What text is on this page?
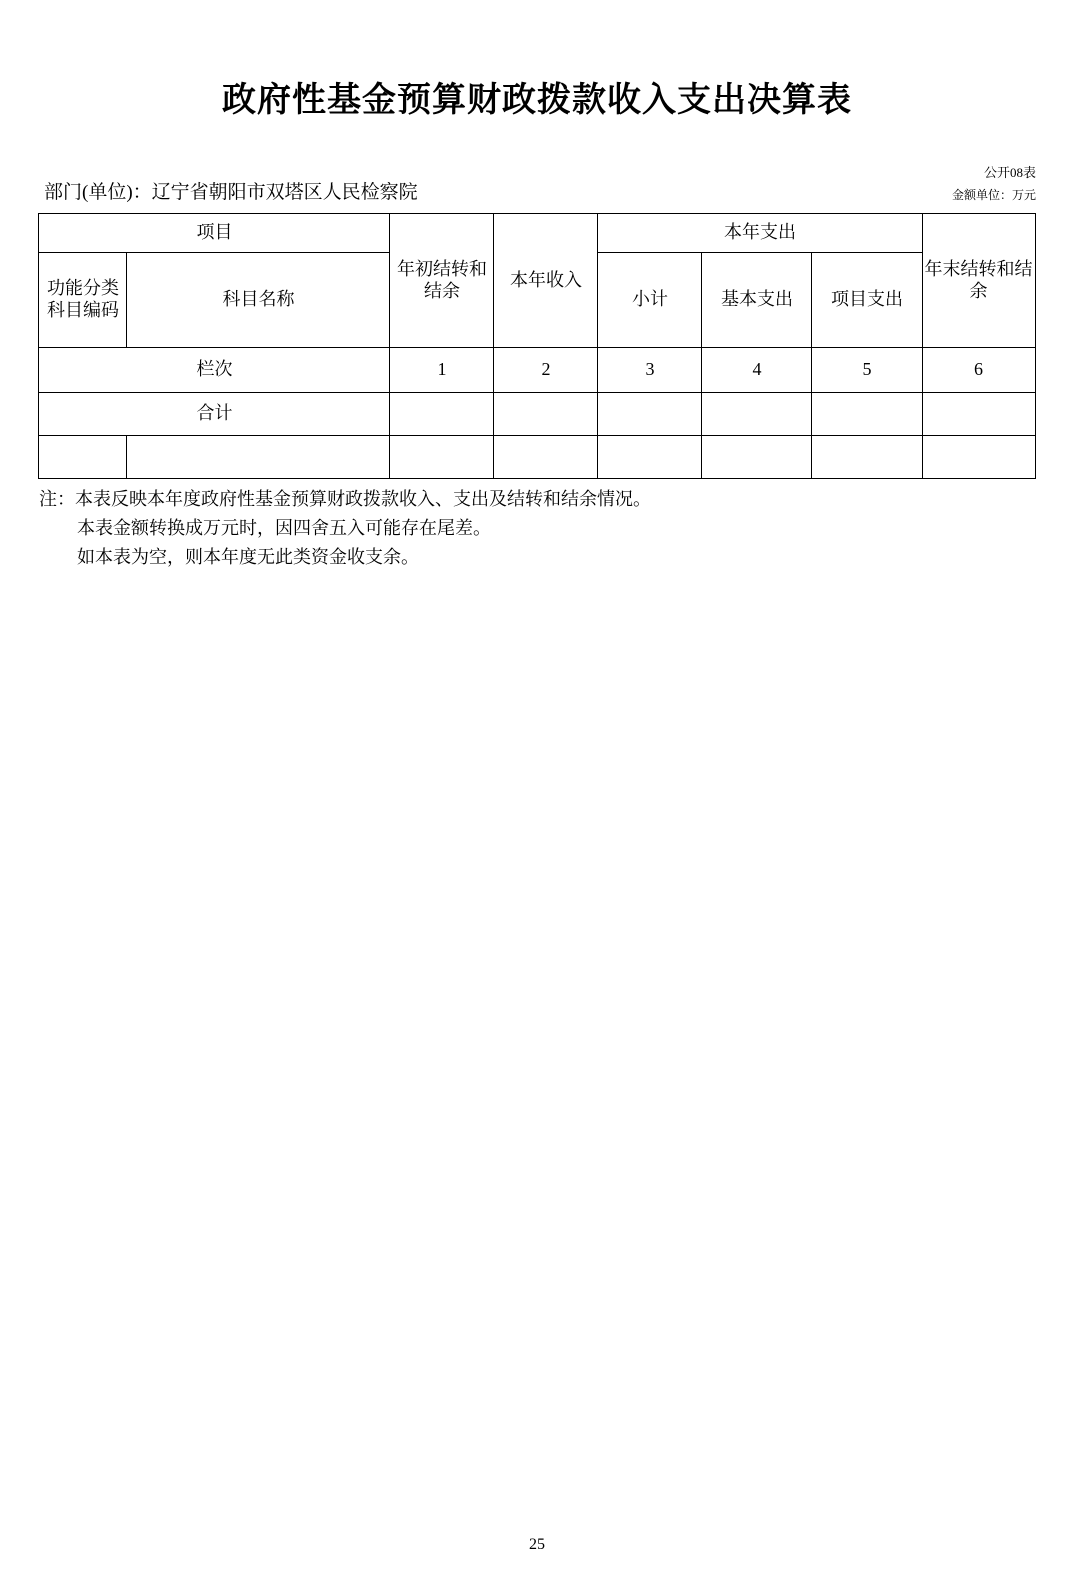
政府性基金预算财政拨款收入支出决算表
部门(单位)：辽宁省朝阳市双塔区人民检察院
公开08表
金额单位：万元
项目		年初结转和结余	本年收入	本年支出			年末结转和结余
功能分类科目编码	科目名称			小计	基本支出	项目支出	
栏次		1	2	3	4	5	6
合计							

注：本表反映本年度政府性基金预算财政拨款收入、支出及结转和结余情况。
本表金额转换成万元时，因四舍五入可能存在尾差。
如本表为空，则本年度无此类资金收支余。
25
